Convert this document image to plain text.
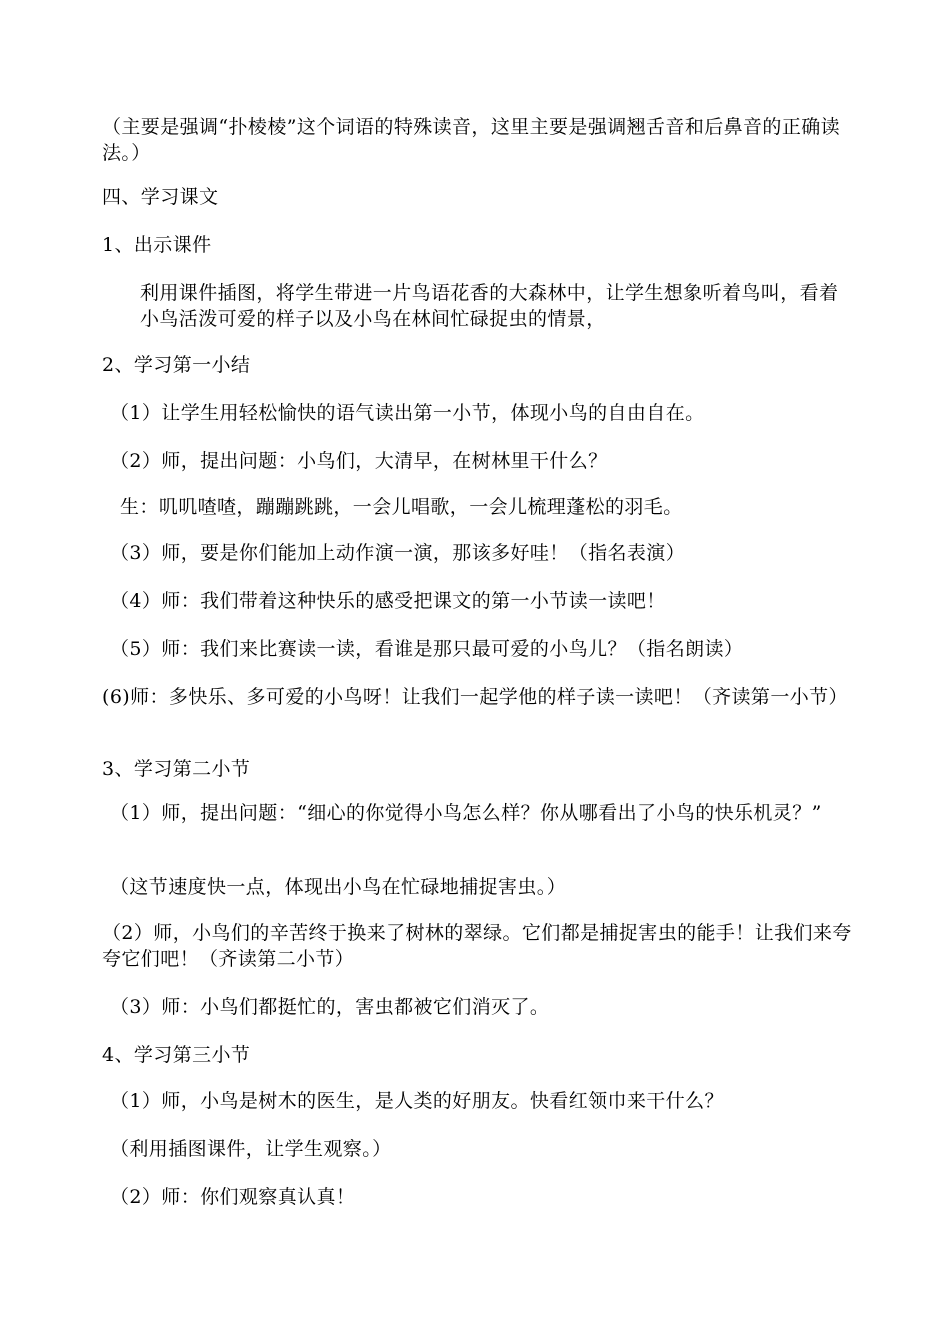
（主要是强调“扑棱棱”这个词语的特殊读音，这里主要是强调翘舌音和后鼻音的正确读法。）
四、学习课文
1、出示课件
利用课件插图，将学生带进一片鸟语花香的大森林中，让学生想象听着鸟叫，看着小鸟活泼可爱的样子以及小鸟在林间忙碌捉虫的情景，
2、学习第一小结
（1）让学生用轻松愉快的语气读出第一小节，体现小鸟的自由自在。
（2）师，提出问题：小鸟们，大清早，在树林里干什么？
生：叽叽喳喳，蹦蹦跳跳，一会儿唱歌，一会儿梳理蓬松的羽毛。
（3）师，要是你们能加上动作演一演，那该多好哇！（指名表演）
（4）师：我们带着这种快乐的感受把课文的第一小节读一读吧！
（5）师：我们来比赛读一读，看谁是那只最可爱的小鸟儿？（指名朗读）
(6)师：多快乐、多可爱的小鸟呀！让我们一起学他的样子读一读吧！（齐读第一小节）
3、学习第二小节
（1）师，提出问题：“细心的你觉得小鸟怎么样？你从哪看出了小鸟的快乐机灵？”
（这节速度快一点，体现出小鸟在忙碌地捕捉害虫。）
（2）师，小鸟们的辛苦终于换来了树林的翠绿。它们都是捕捉害虫的能手！让我们来夸夸它们吧！（齐读第二小节）
（3）师：小鸟们都挺忙的，害虫都被它们消灭了。
4、学习第三小节
（1）师，小鸟是树木的医生，是人类的好朋友。快看红领巾来干什么？
（利用插图课件，让学生观察。）
（2）师：你们观察真认真！
